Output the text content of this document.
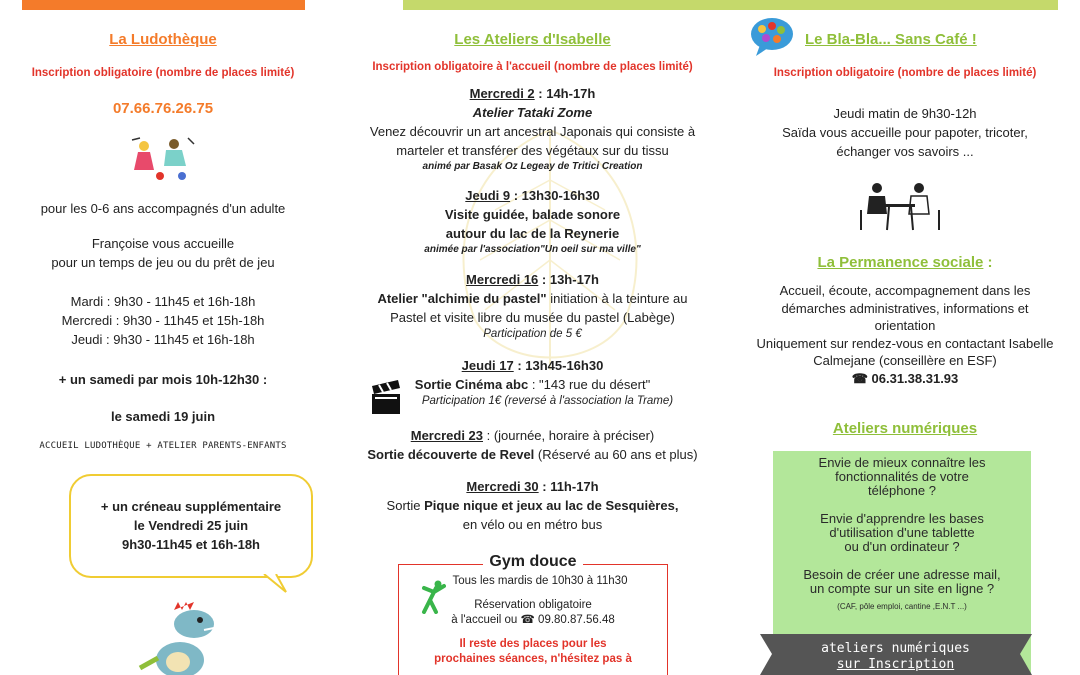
La Ludothèque
Inscription obligatoire (nombre de places limité)
07.66.76.26.75
pour les 0-6 ans accompagnés d'un adulte
Françoise vous accueille
pour un temps de jeu ou du prêt de jeu
Mardi : 9h30 - 11h45 et 16h-18h
Mercredi : 9h30 - 11h45 et 15h-18h
Jeudi : 9h30 - 11h45 et 16h-18h
+ un samedi par mois 10h-12h30 :
le samedi 19 juin
ACCUEIL LUDOTHÈQUE + ATELIER PARENTS-ENFANTS
+ un créneau supplémentaire
le Vendredi 25 juin
9h30-11h45 et 16h-18h
Les Ateliers d'Isabelle
Inscription obligatoire à l'accueil (nombre de places limité)
Mercredi 2 : 14h-17h
Atelier Tataki Zome
Venez découvrir un art ancestral Japonais qui consiste à
marteler et transférer des végétaux sur du tissu
animé par Basak Oz Legeay de Tritici Creation
Jeudi 9 : 13h30-16h30
Visite guidée, balade sonore
autour du lac de la Reynerie
animée par l'association"Un oeil sur ma ville"
Mercredi 16 : 13h-17h
Atelier "alchimie du pastel" initiation à la teinture au
Pastel et visite libre du musée du pastel (Labège)
Participation de 5 €
Jeudi 17 : 13h45-16h30
Sortie Cinéma abc : "143 rue du désert"
Participation 1€ (reversé à l'association la Trame)
Mercredi 23 : (journée, horaire à préciser)
Sortie découverte de Revel (Réservé au 60 ans et plus)
Mercredi 30 : 11h-17h
Sortie Pique nique et jeux au lac de Sesquières,
en vélo ou en métro bus
Gym douce
Tous les mardis de 10h30 à 11h30
Réservation obligatoire
à l'accueil ou ☎ 09.80.87.56.48
Il reste des places pour les
prochaines séances, n'hésitez pas à
Le Bla-Bla... Sans Café !
Inscription obligatoire (nombre de places limité)
Jeudi matin de 9h30-12h
Saïda vous accueille pour papoter, tricoter,
échanger vos savoirs ...
La Permanence sociale :
Accueil, écoute, accompagnement dans les
démarches administratives, informations et
orientation
Uniquement sur rendez-vous en contactant Isabelle
Calmejane (conseillère en ESF)
☎ 06.31.38.31.93
Ateliers numériques
Envie de mieux connaître les
fonctionnalités de votre
téléphone ?
Envie d'apprendre les bases
d'utilisation d'une tablette
ou d'un ordinateur ?
Besoin de créer une adresse mail,
un compte sur un site en ligne ?
(CAF, pôle emploi, cantine ,E.N.T ...)
ateliers numériques
sur Inscription
